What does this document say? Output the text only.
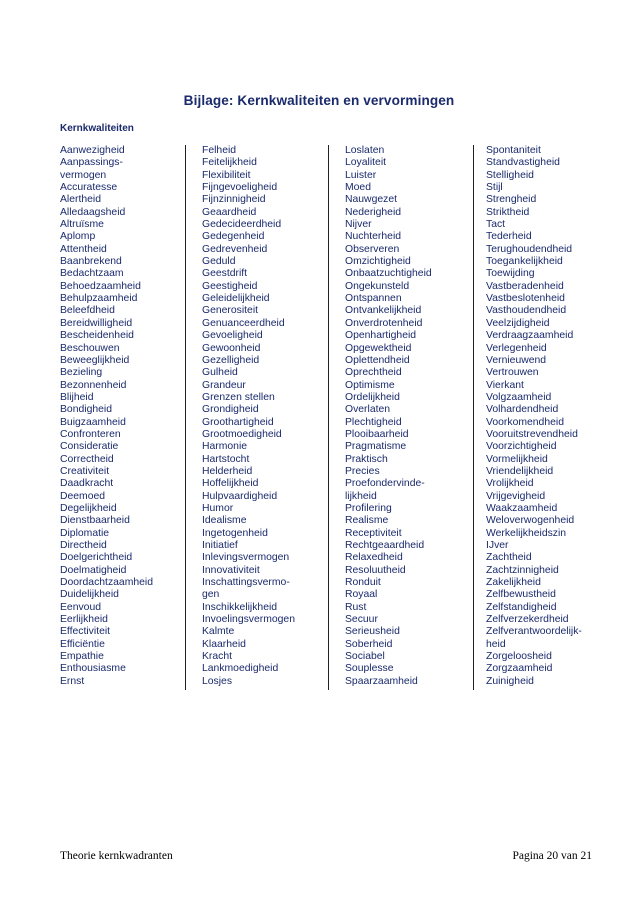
Bijlage: Kernkwaliteiten en vervormingen
Kernkwaliteiten
Aanwezigheid
Aanpassings-
vermogen
Accuratesse
Alertheid
Alledaagsheid
Altruïsme
Aplomp
Attentheid
Baanbrekend
Bedachtzaam
Behoedzaamheid
Behulpzaamheid
Beleefdheid
Bereidwilligheid
Bescheidenheid
Beschouwen
Beweeglijkheid
Bezieling
Bezonnenheid
Blijheid
Bondigheid
Buigzaamheid
Confronteren
Consideratie
Correctheid
Creativiteit
Daadkracht
Deemoed
Degelijkheid
Dienstbaarheid
Diplomatie
Directheid
Doelgerichtheid
Doelmatigheid
Doordachtzaamheid
Duidelijkheid
Eenvoud
Eerlijkheid
Effectiviteit
Efficiëntie
Empathie
Enthousiasme
Ernst
Felheid
Feitelijkheid
Flexibiliteit
Fijngevoeligheid
Fijnzinnigheid
Geaardheid
Gedecideerdheid
Gedegenheid
Gedrevenheid
Geduld
Geestdrift
Geestigheid
Geleidelijkheid
Generositeit
Genuanceerdheid
Gevoeligheid
Gewoonheid
Gezelligheid
Gulheid
Grandeur
Grenzen stellen
Grondigheid
Groothartigheid
Grootmoedigheid
Harmonie
Hartstocht
Helderheid
Hoffelijkheid
Hulpvaardigheid
Humor
Idealisme
Ingetogenheid
Initiatief
Inlevingsvermogen
Innovativiteit
Inschattingsvermo-
gen
Inschikkelijkheid
Invoelingsvermogen
Kalmte
Klaarheid
Kracht
Lankmoedigheid
Losjes
Loslaten
Loyaliteit
Luister
Moed
Nauwgezet
Nederigheid
Nijver
Nuchterheid
Observeren
Omzichtigheid
Onbaatzuchtigheid
Ongekunsteld
Ontspannen
Ontvankelijkheid
Onverdrotenheid
Openhartigheid
Opgewektheid
Oplettendheid
Oprechtheid
Optimisme
Ordelijkheid
Overlaten
Plechtigheid
Plooibaarheid
Pragmatisme
Praktisch
Precies
Proefondervinde-
lijkheid
Profilering
Realisme
Receptiviteit
Rechtgeaardheid
Relaxedheid
Resoluutheid
Ronduit
Royaal
Rust
Secuur
Serieusheid
Soberheid
Sociabel
Souplesse
Spaarzaamheid
Spontaniteit
Standvastigheid
Stelligheid
Stijl
Strengheid
Striktheid
Tact
Tederheid
Terughoudendheid
Toegankelijkheid
Toewijding
Vastberadenheid
Vastbeslotenheid
Vasthoudendheid
Veelzijdigheid
Verdraagzaamheid
Verlegenheid
Vernieuwend
Vertrouwen
Vierkant
Volgzaamheid
Volhardendheid
Voorkomendheid
Vooruitstrevendheid
Voorzichtigheid
Vormelijkheid
Vriendelijkheid
Vrolijkheid
Vrijgevigheid
Waakzaamheid
Weloverwogenheid
Werkelijkheidszin
IJver
Zachtheid
Zachtzinnigheid
Zakelijkheid
Zelfbewustheid
Zelfstandigheid
Zelfverzekerdheid
Zelfverantwoordelijk-
heid
Zorgeloosheid
Zorgzaamheid
Zuinigheid
Theorie kernkwadranten	Pagina 20 van 21
